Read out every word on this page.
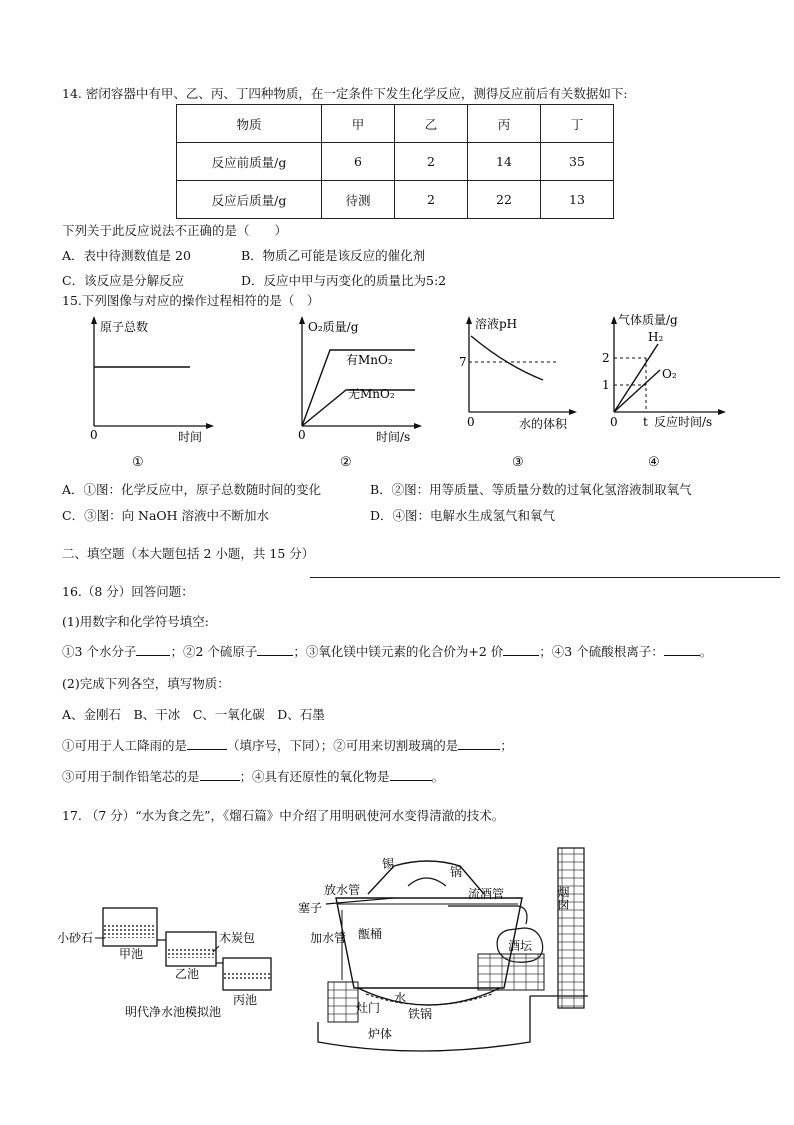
14. 密闭容器中有甲、乙、丙、丁四种物质，在一定条件下发生化学反应，测得反应前后有关数据如下:
物质	甲	乙	丙	丁
反应前质量/g	6	2	14	35
反应后质量/g	待测	2	22	13
下列关于此反应说法不正确的是（　　）
A．表中待测数值是 20	B．物质乙可能是该反应的催化剂
C．该反应是分解反应	D．反应中甲与丙变化的质量比为5:2
15.下列图像与对应的操作过程相符的是（　）
原子总数
0	时间
①
O₂质量/g
有MnO₂
无MnO₂
0	时间/s
②
溶液pH
7
0	水的体积
③
气体质量/g
H₂
O₂
2
1
0 t 反应时间/s
④
A．①图：化学反应中，原子总数随时间的变化	B．②图：用等质量、等质量分数的过氧化氢溶液制取氧气
C．③图：向 NaOH 溶液中不断加水	D．④图：电解水生成氢气和氧气
二、填空题（本大题包括 2 小题，共 15 分）
16.（8 分）回答问题：
(1)用数字和化学符号填空:
①3 个水分子	；②2 个硫原子	；③氧化镁中镁元素的化合价为+2 价	；④3 个硫酸根离子：	。
(2)完成下列各空，填写物质：
A、金刚石　B、干冰　C、一氧化碳　D、石墨
①可用于人工降雨的是	（填序号，下同）；②可用来切割玻璃的是	；
③可用于制作铅笔芯的是	；④具有还原性的氧化物是	。
17. （7 分）“水为食之先”，《熘石篇》中介绍了用明矾使河水变得清澈的技术。
小砂石
甲池
木炭包
乙池
丙池
明代净水池模拟池
锡
锅
放水管
塞子
流酒管
加水管 甑桶
酒坛
水
灶门 铁锅
炉体
烟囱
